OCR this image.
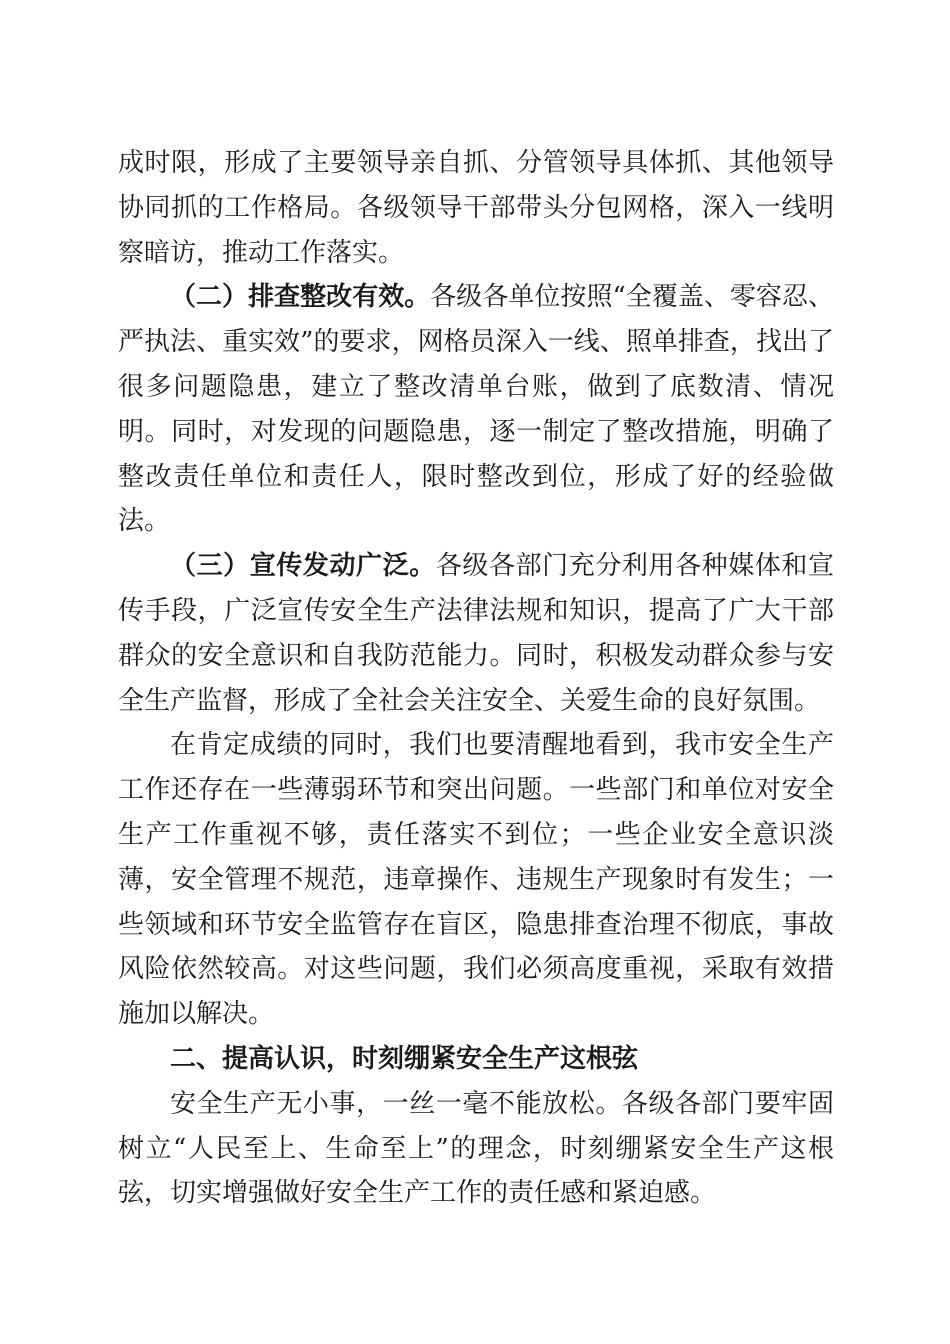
成时限，形成了主要领导亲自抓、分管领导具体抓、其他领导协同抓的工作格局。各级领导干部带头分包网格，深入一线明察暗访，推动工作落实。

（二）排查整改有效。各级各单位按照“全覆盖、零容忍、严执法、重实效”的要求，网格员深入一线、照单排查，找出了很多问题隐患，建立了整改清单台账，做到了底数清、情况明。同时，对发现的问题隐患，逐一制定了整改措施，明确了整改责任单位和责任人，限时整改到位，形成了好的经验做法。

（三）宣传发动广泛。各级各部门充分利用各种媒体和宣传手段，广泛宣传安全生产法律法规和知识，提高了广大干部群众的安全意识和自我防范能力。同时，积极发动群众参与安全生产监督，形成了全社会关注安全、关爱生命的良好氛围。

在肯定成绩的同时，我们也要清醒地看到，我市安全生产工作还存在一些薄弱环节和突出问题。一些部门和单位对安全生产工作重视不够，责任落实不到位；一些企业安全意识淡薄，安全管理不规范，违章操作、违规生产现象时有发生；一些领域和环节安全监管存在盲区，隐患排查治理不彻底，事故风险依然较高。对这些问题，我们必须高度重视，采取有效措施加以解决。

二、提高认识，时刻绷紧安全生产这根弦

安全生产无小事，一丝一毫不能放松。各级各部门要牢固树立“人民至上、生命至上”的理念，时刻绷紧安全生产这根弦，切实增强做好安全生产工作的责任感和紧迫感。
